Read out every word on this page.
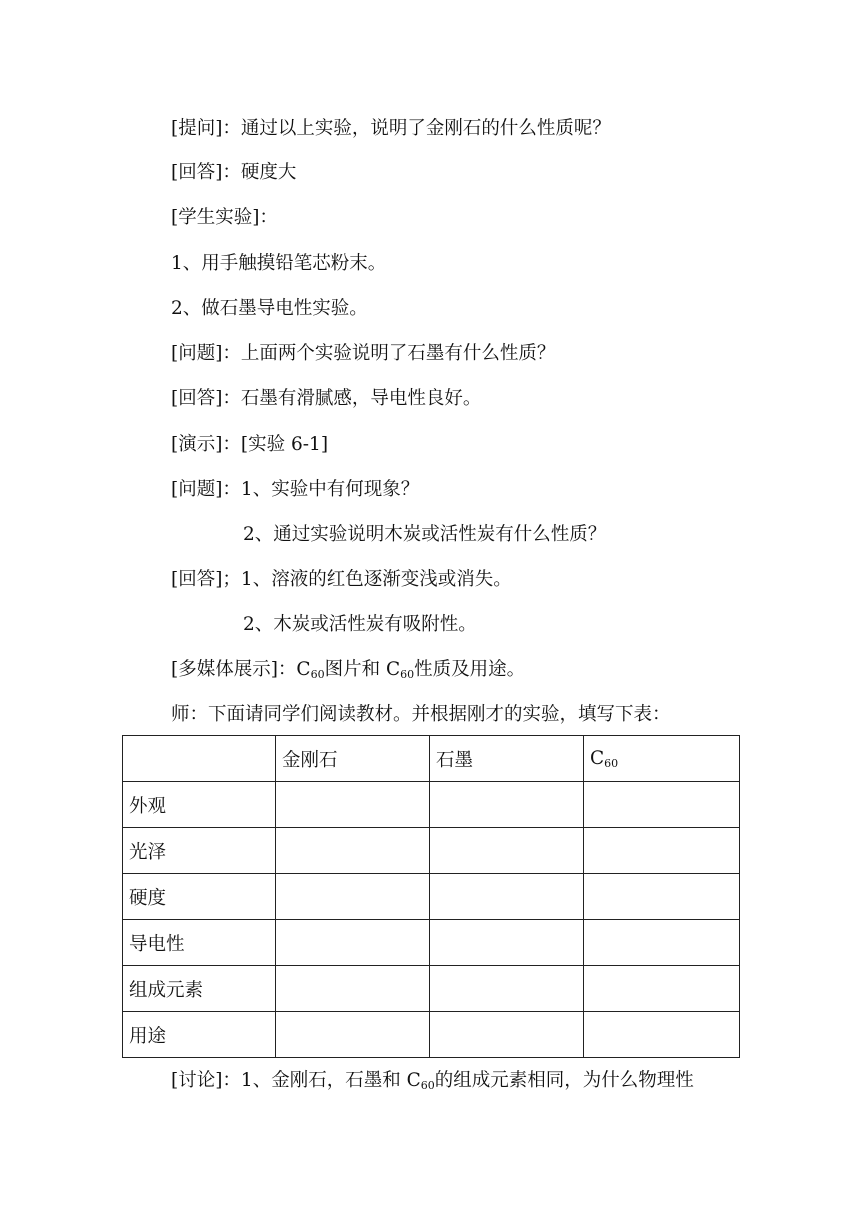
[提问]：通过以上实验，说明了金刚石的什么性质呢？
[回答]：硬度大
[学生实验]：
1、用手触摸铅笔芯粉末。
2、做石墨导电性实验。
[问题]：上面两个实验说明了石墨有什么性质？
[回答]：石墨有滑腻感，导电性良好。
[演示]：[实验 6-1]
[问题]：1、实验中有何现象？
2、通过实验说明木炭或活性炭有什么性质？
[回答]；1、溶液的红色逐渐变浅或消失。
2、木炭或活性炭有吸附性。
[多媒体展示]：$C_{60}$图片和 $C_{60}$性质及用途。
师：下面请同学们阅读教材。并根据刚才的实验，填写下表：
	金刚石	石墨	$C_{60}$
外观			
光泽			
硬度			
导电性			
组成元素			
用途			
[讨论]：1、金刚石，石墨和 $C_{60}$的组成元素相同，为什么物理性
